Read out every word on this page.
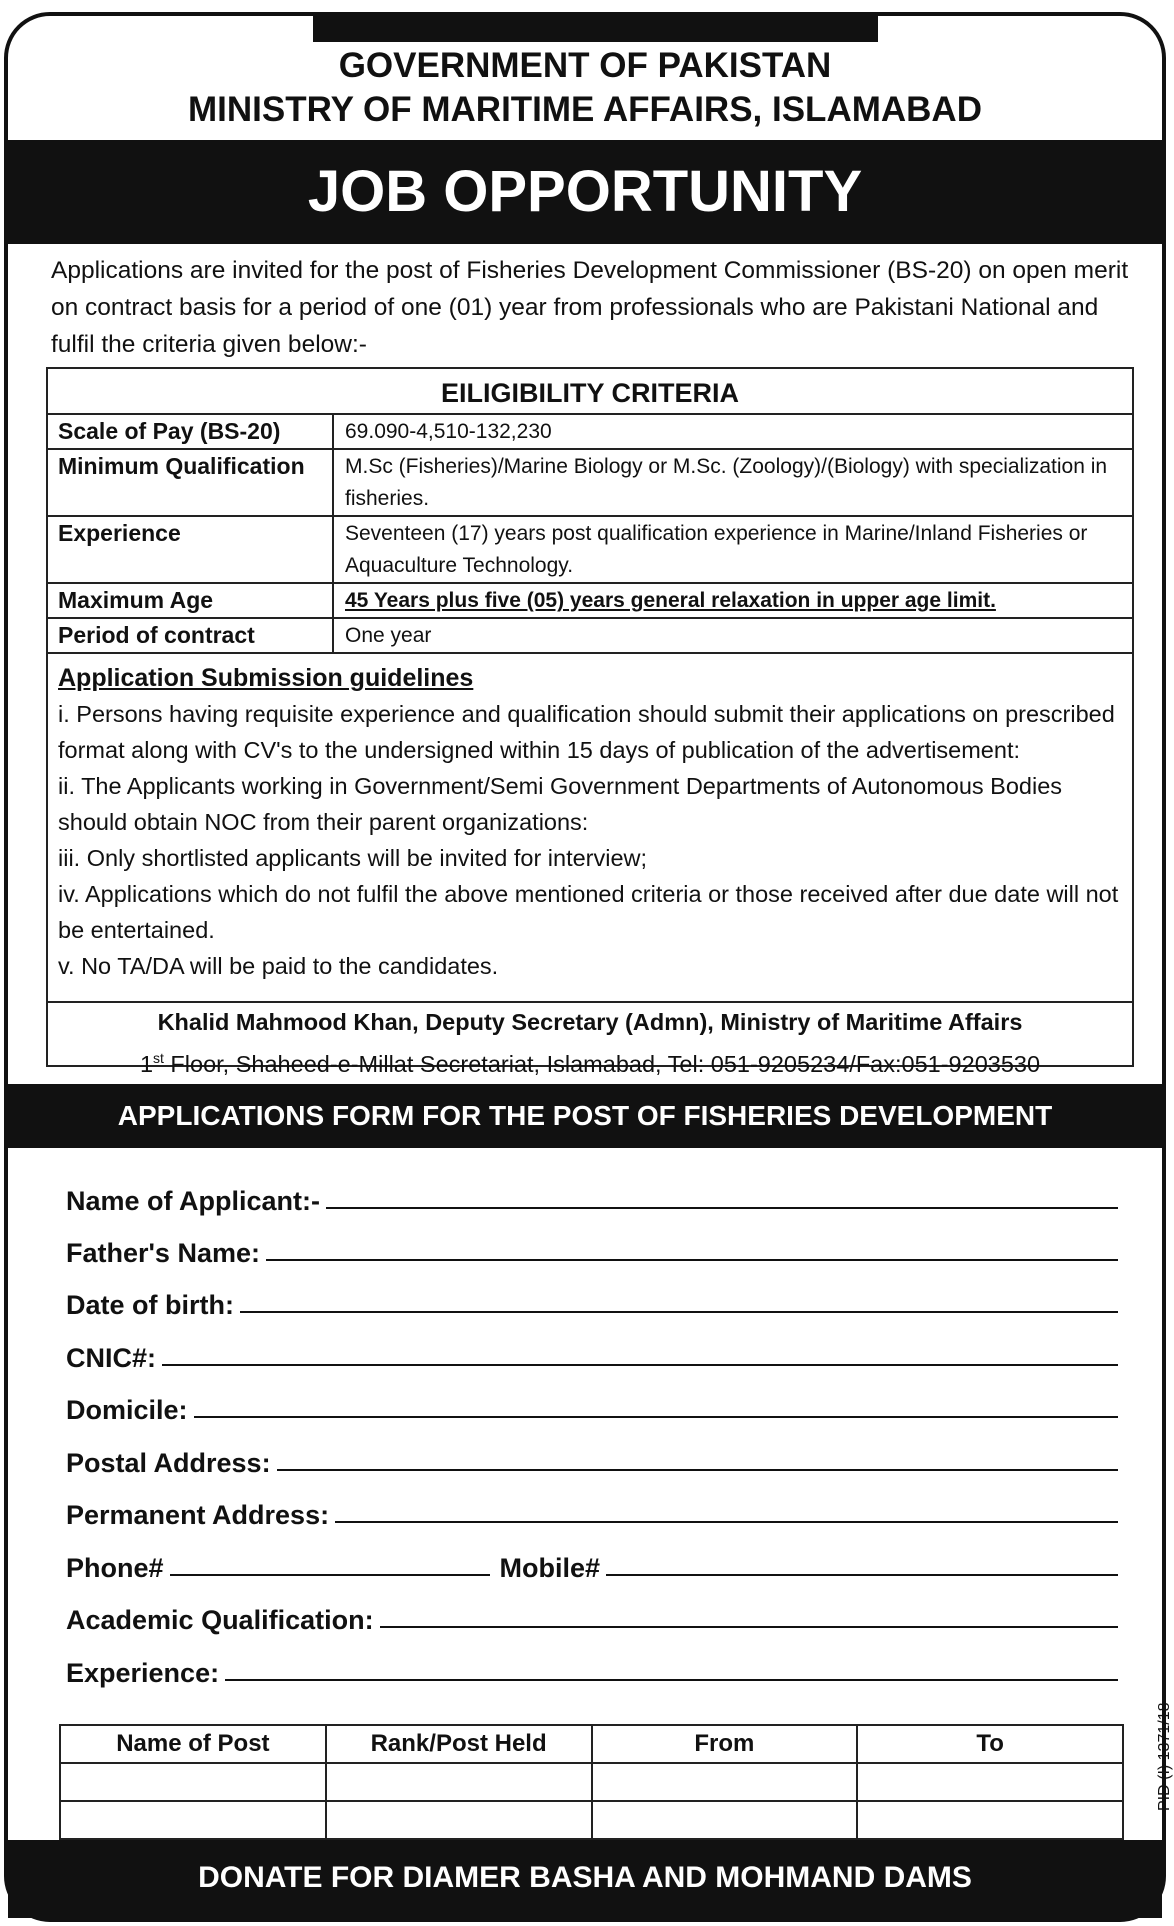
GOVERNMENT OF PAKISTAN
MINISTRY OF MARITIME AFFAIRS, ISLAMABAD
JOB OPPORTUNITY
Applications are invited for the post of Fisheries Development Commissioner (BS-20) on open merit on contract basis for a period of one (01) year from professionals who are Pakistani National and fulfil the criteria given below:-
EILIGIBILITY CRITERIA
Scale of Pay (BS-20)	69.090-4,510-132,230
Minimum Qualification	M.Sc (Fisheries)/Marine Biology or M.Sc. (Zoology)/(Biology) with specialization in fisheries.
Experience	Seventeen (17) years post qualification experience in Marine/Inland Fisheries or Aquaculture Technology.
Maximum Age	45 Years plus five (05) years general relaxation in upper age limit.
Period of contract	One year
Application Submission guidelines
i. Persons having requisite experience and qualification should submit their applications on prescribed format along with CV's to the undersigned within 15 days of publication of the advertisement:
ii. The Applicants working in Government/Semi Government Departments of Autonomous Bodies should obtain NOC from their parent organizations:
iii. Only shortlisted applicants will be invited for interview;
iv. Applications which do not fulfil the above mentioned criteria or those received after due date will not be entertained.
v. No TA/DA will be paid to the candidates.
Khalid Mahmood Khan, Deputy Secretary (Admn), Ministry of Maritime Affairs
1st Floor, Shaheed-e-Millat Secretariat, Islamabad, Tel: 051-9205234/Fax:051-9203530
APPLICATIONS FORM FOR THE POST OF FISHERIES DEVELOPMENT COMMISSIONER
Name of Applicant:-
Father's Name:
Date of birth:
CNIC#:
Domicile:
Postal Address:
Permanent Address:
Phone#	Mobile#
Academic Qualification:
Experience:
Name of Post	Rank/Post Held	From	To

				PID (I) 1371/18
DONATE FOR DIAMER BASHA AND MOHMAND DAMS
